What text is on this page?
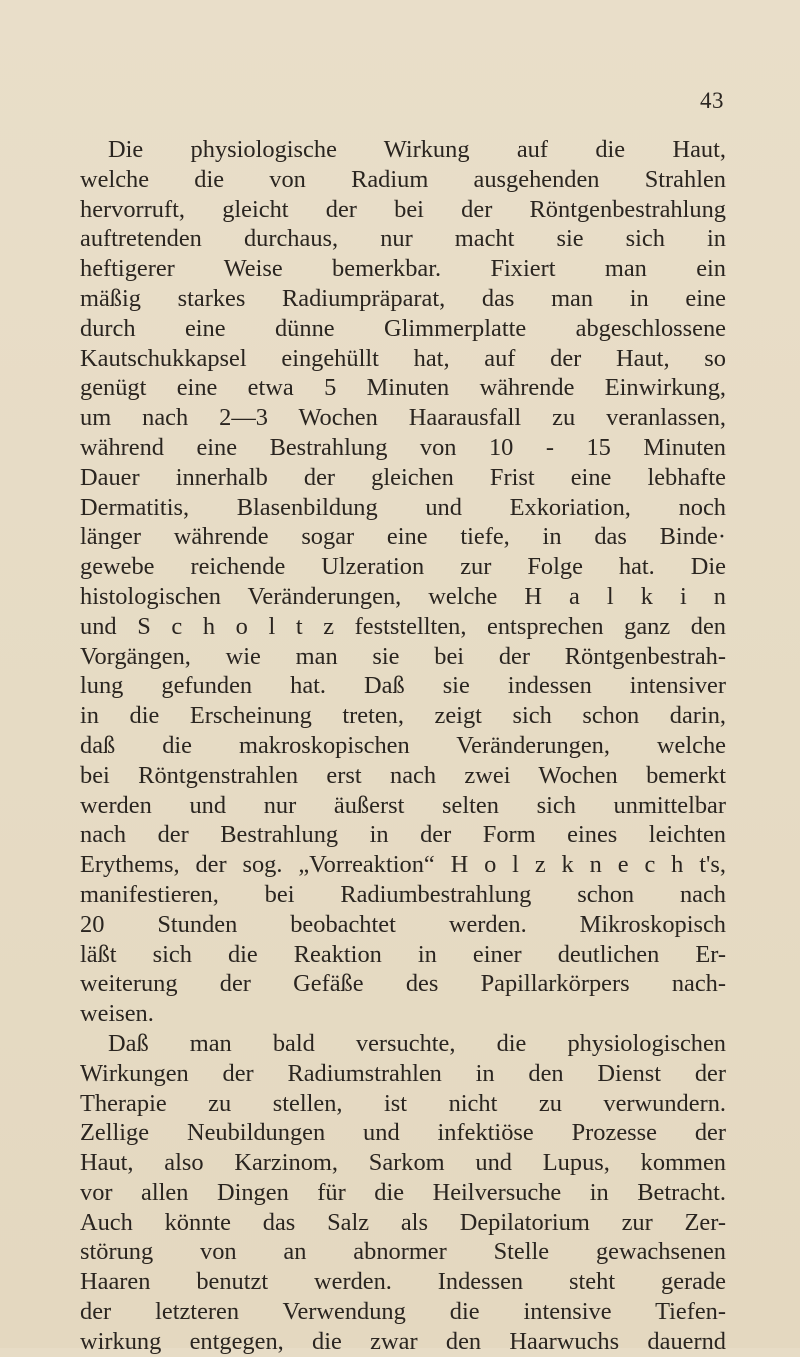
43
Die physiologische Wirkung auf die Haut,
welche die von Radium ausgehenden Strahlen
hervorruft, gleicht der bei der Röntgenbestrahlung
auftretenden durchaus, nur macht sie sich in
heftigerer Weise bemerkbar. Fixiert man ein
mäßig starkes Radiumpräparat, das man in eine
durch eine dünne Glimmerplatte abgeschlossene
Kautschukkapsel eingehüllt hat, auf der Haut, so
genügt eine etwa 5 Minuten währende Einwirkung,
um nach 2—3 Wochen Haarausfall zu veranlassen,
während eine Bestrahlung von 10 - 15 Minuten
Dauer innerhalb der gleichen Frist eine lebhafte
Dermatitis, Blasenbildung und Exkoriation, noch
länger währende sogar eine tiefe, in das Binde·
gewebe reichende Ulzeration zur Folge hat. Die
histologischen Veränderungen, welche H a l k i n
und S c h o l t z feststellten, entsprechen ganz den
Vorgängen, wie man sie bei der Röntgenbestrah-
lung gefunden hat. Daß sie indessen intensiver
in die Erscheinung treten, zeigt sich schon darin,
daß die makroskopischen Veränderungen, welche
bei Röntgenstrahlen erst nach zwei Wochen bemerkt
werden und nur äußerst selten sich unmittelbar
nach der Bestrahlung in der Form eines leichten
Erythems, der sog. „Vorreaktion“ H o l z k n e c h t's,
manifestieren, bei Radiumbestrahlung schon nach
20 Stunden beobachtet werden. Mikroskopisch
läßt sich die Reaktion in einer deutlichen Er-
weiterung der Gefäße des Papillarkörpers nach-
weisen.
Daß man bald versuchte, die physiologischen
Wirkungen der Radiumstrahlen in den Dienst der
Therapie zu stellen, ist nicht zu verwundern.
Zellige Neubildungen und infektiöse Prozesse der
Haut, also Karzinom, Sarkom und Lupus, kommen
vor allen Dingen für die Heilversuche in Betracht.
Auch könnte das Salz als Depilatorium zur Zer-
störung von an abnormer Stelle gewachsenen
Haaren benutzt werden. Indessen steht gerade
der letzteren Verwendung die intensive Tiefen-
wirkung entgegen, die zwar den Haarwuchs dauernd
